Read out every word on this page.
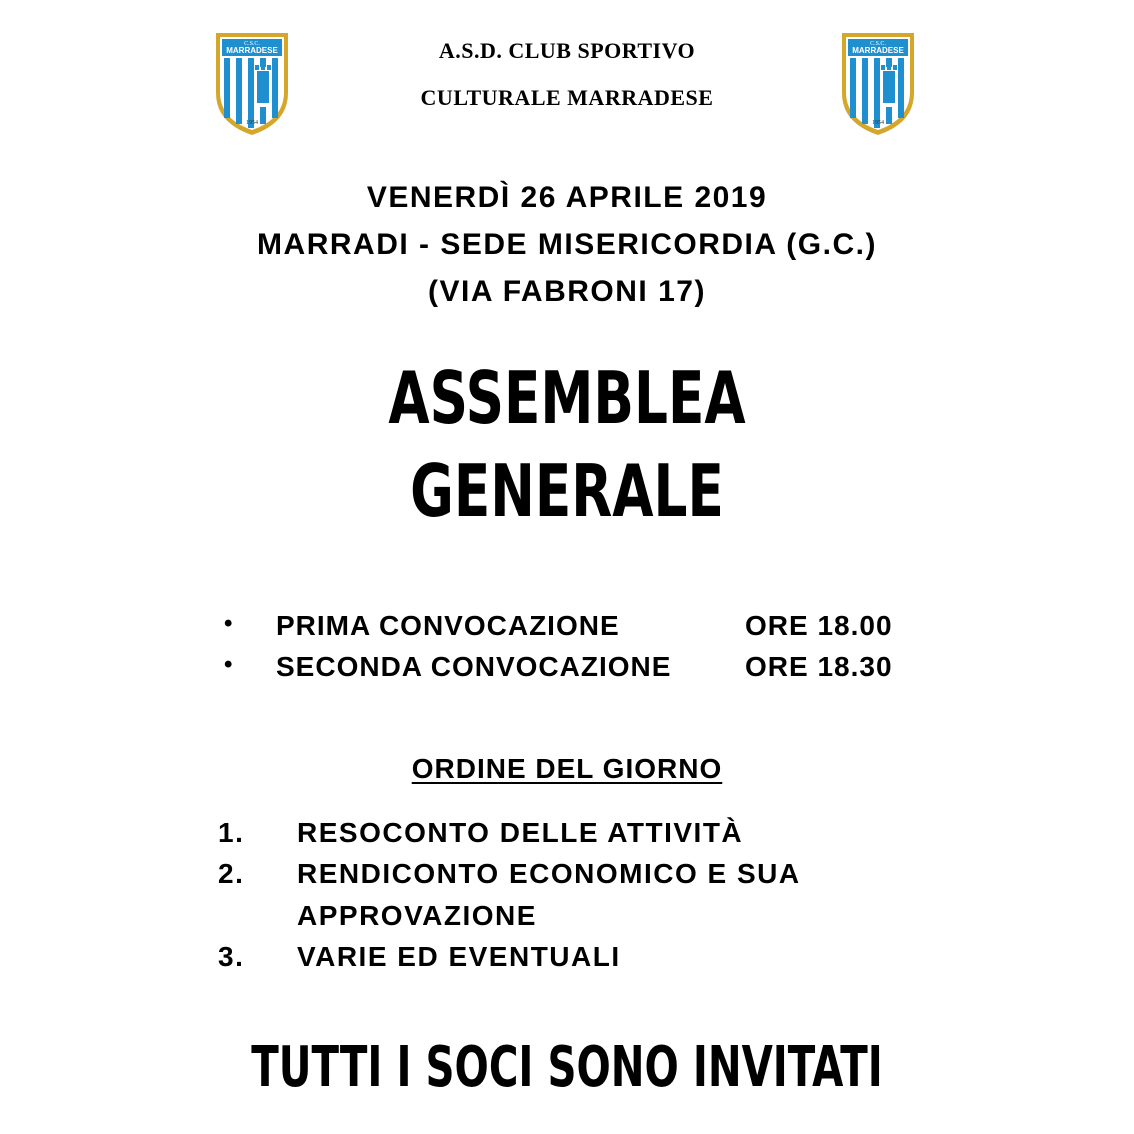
C.S.C.
MARRADESE
1954
C.S.C.
MARRADESE
1954
A.S.D. CLUB SPORTIVO
CULTURALE MARRADESE
VENERDÌ 26 APRILE 2019
MARRADI - SEDE MISERICORDIA (G.C.)
(VIA FABRONI 17)
ASSEMBLEA
GENERALE
• PRIMA CONVOCAZIONE	ORE 18.00
• SECONDA CONVOCAZIONE	ORE 18.30
ORDINE DEL GIORNO
1. RESOCONTO DELLE ATTIVITÀ
2. RENDICONTO ECONOMICO E SUA
APPROVAZIONE
3. VARIE ED EVENTUALI
TUTTI I SOCI SONO INVITATI
